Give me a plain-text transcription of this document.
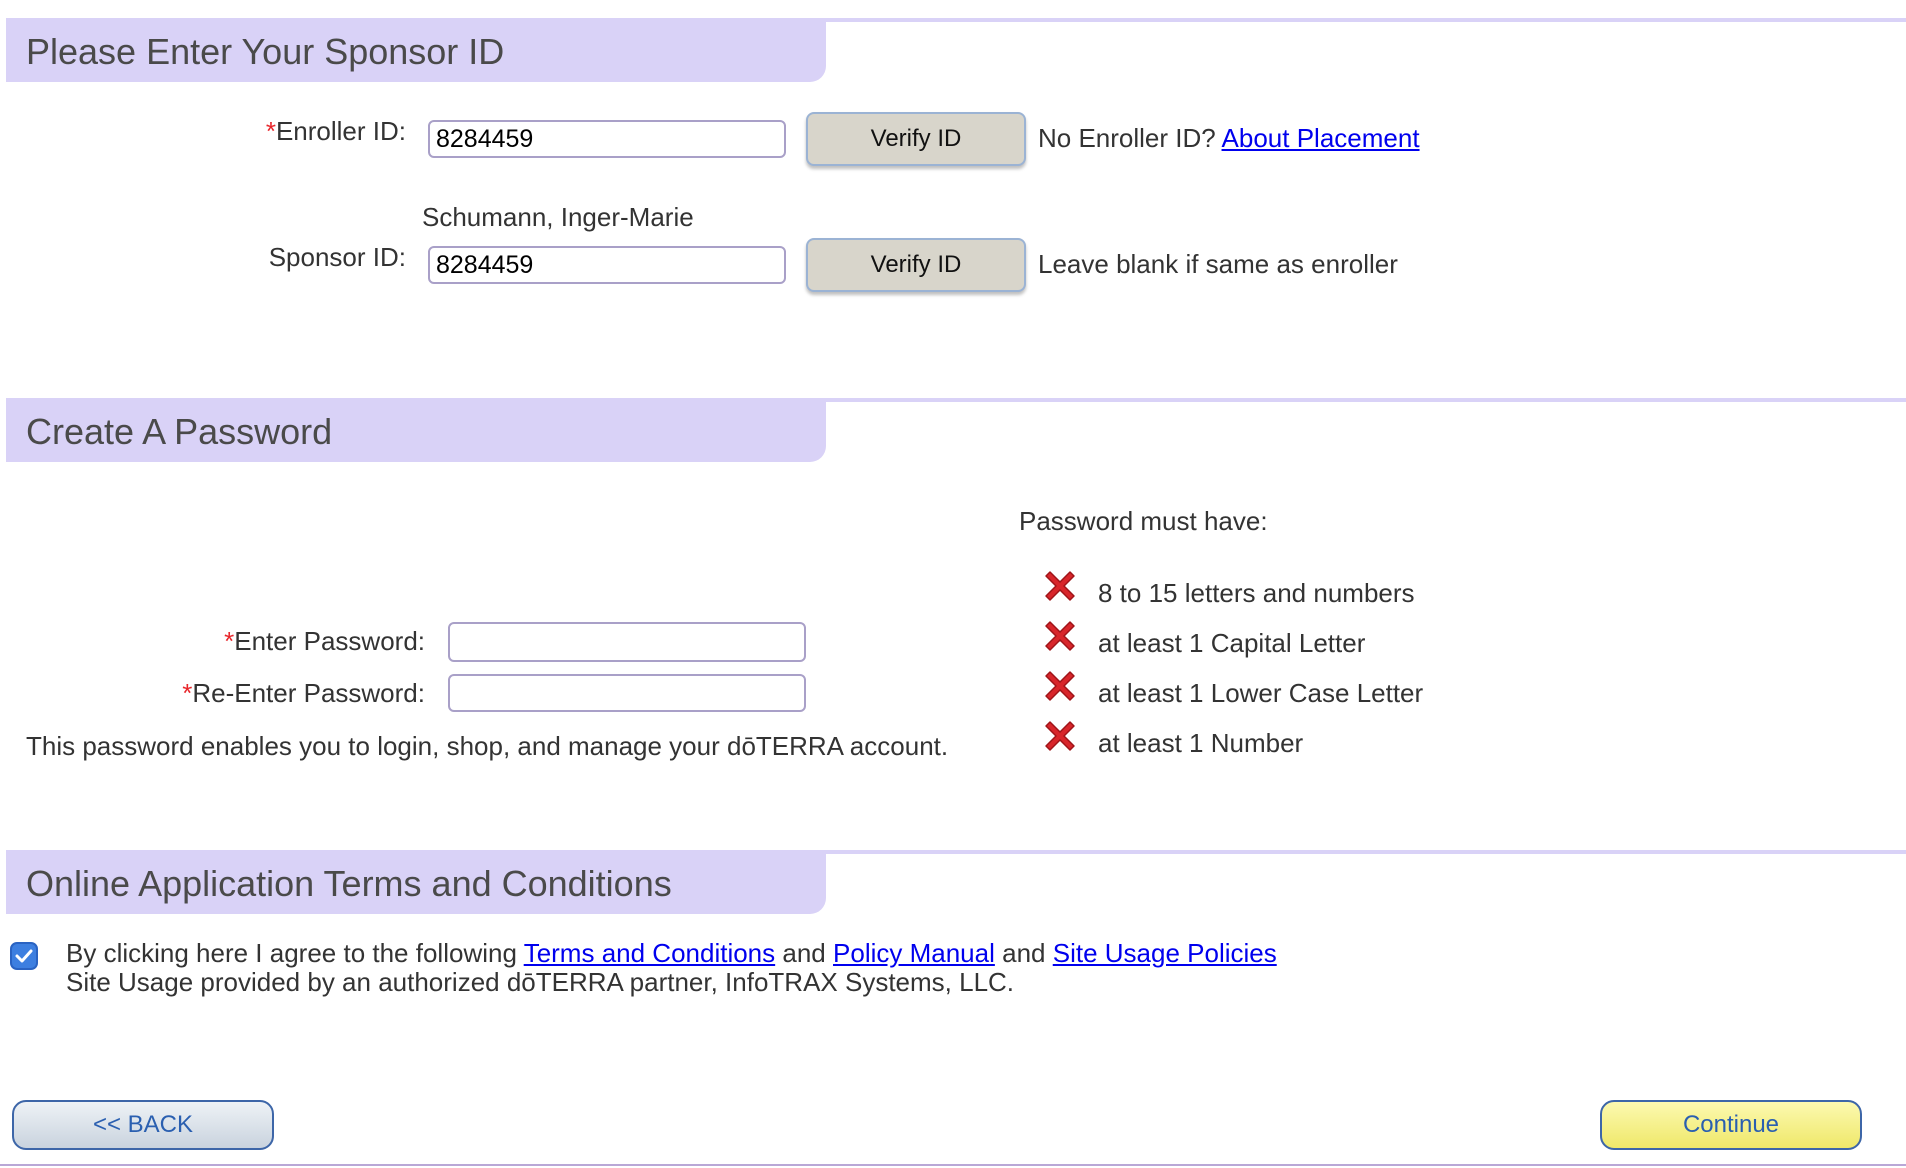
Please Enter Your Sponsor ID
*Enroller ID:
8284459	Verify ID	No Enroller ID? About Placement
Schumann, Inger-Marie
Sponsor ID:
8284459	Verify ID	Leave blank if same as enroller
Create A Password
Password must have:
8 to 15 letters and numbers
at least 1 Capital Letter
at least 1 Lower Case Letter
at least 1 Number
*Enter Password:
*Re-Enter Password:
This password enables you to login, shop, and manage your dōTERRA account.
Online Application Terms and Conditions
By clicking here I agree to the following Terms and Conditions and Policy Manual and Site Usage Policies
Site Usage provided by an authorized dōTERRA partner, InfoTRAX Systems, LLC.
<< BACK	Continue
